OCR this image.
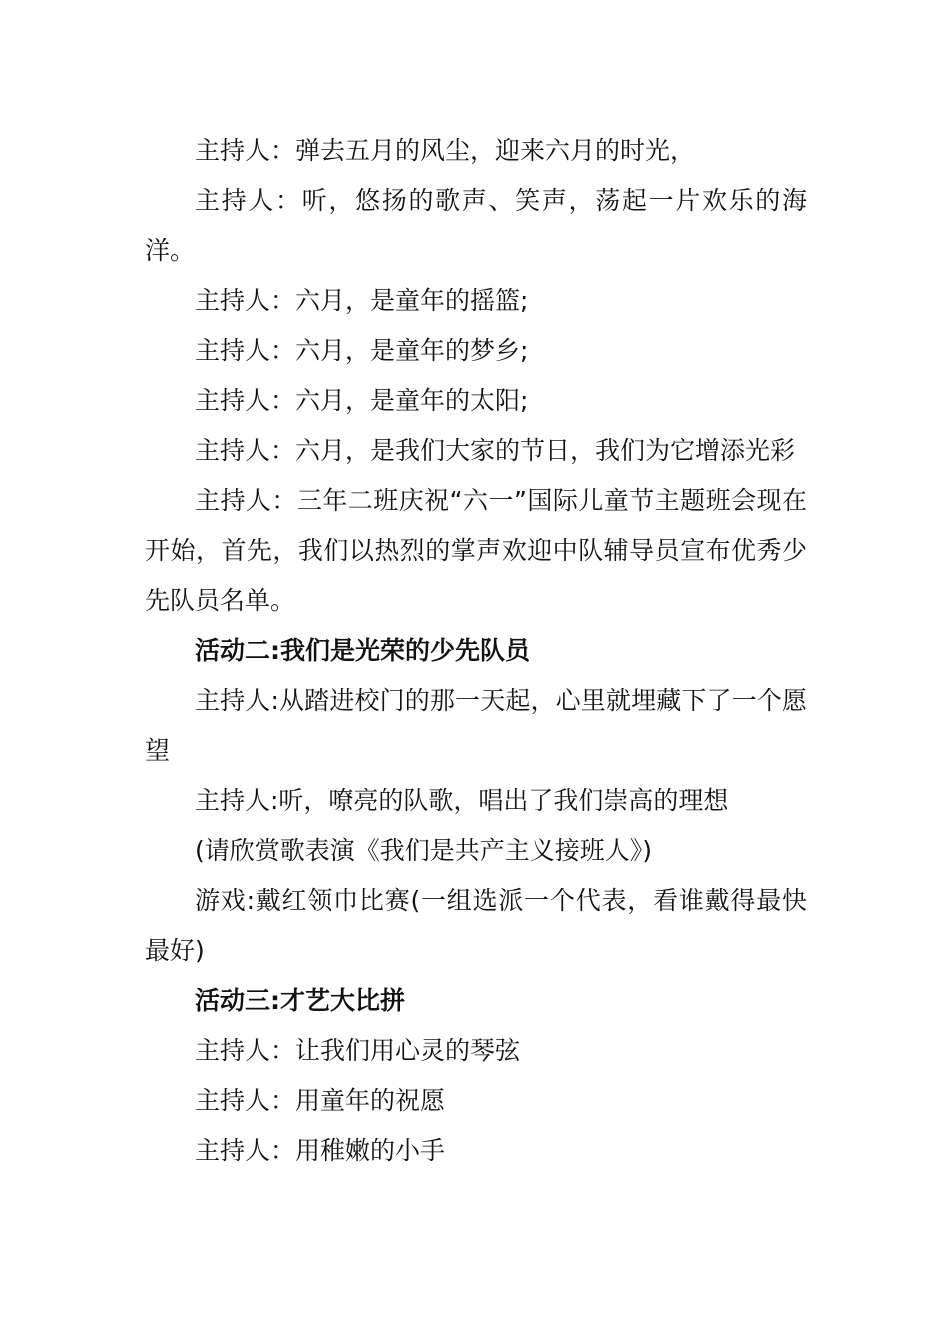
主持人：弹去五月的风尘，迎来六月的时光，

主持人：听，悠扬的歌声、笑声，荡起一片欢乐的海洋。

主持人：六月，是童年的摇篮;

主持人：六月，是童年的梦乡;

主持人：六月，是童年的太阳;

主持人：六月，是我们大家的节日，我们为它增添光彩

主持人：三年二班庆祝“六一”国际儿童节主题班会现在开始，首先，我们以热烈的掌声欢迎中队辅导员宣布优秀少先队员名单。

活动二:我们是光荣的少先队员

主持人:从踏进校门的那一天起，心里就埋藏下了一个愿望

主持人:听，嘹亮的队歌，唱出了我们崇高的理想

(请欣赏歌表演《我们是共产主义接班人》)

游戏:戴红领巾比赛(一组选派一个代表，看谁戴得最快最好)

活动三:才艺大比拼

主持人：让我们用心灵的琴弦

主持人：用童年的祝愿

主持人：用稚嫩的小手
